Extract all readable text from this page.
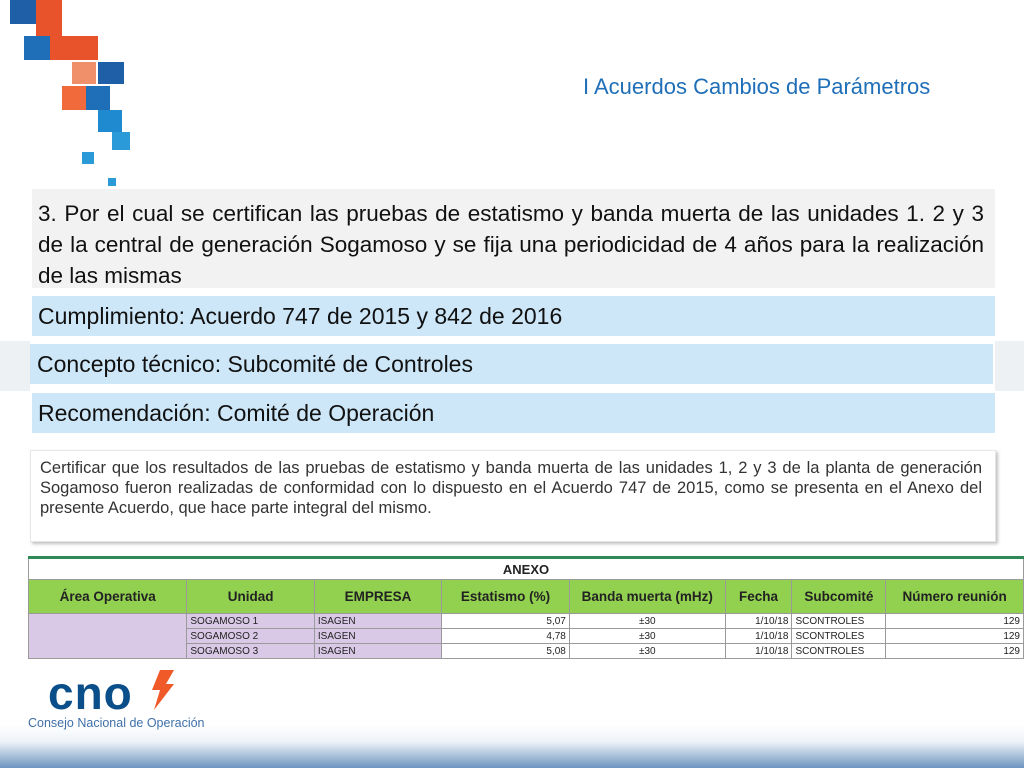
I Acuerdos Cambios de Parámetros
3. Por el cual se certifican las pruebas de estatismo y banda muerta de las unidades 1. 2 y 3 de la central de generación Sogamoso y se fija una periodicidad de 4 años para la realización de las mismas
Cumplimiento: Acuerdo 747 de 2015 y 842 de 2016
Concepto técnico: Subcomité de Controles
Recomendación: Comité de Operación
Certificar que los resultados de las pruebas de estatismo y banda muerta de las unidades 1, 2 y 3 de la planta de generación Sogamoso fueron realizadas de conformidad con lo dispuesto en el Acuerdo 747 de 2015, como se presenta en el Anexo del presente Acuerdo, que hace parte integral del mismo.
ANEXO							
Área Operativa	Unidad	EMPRESA	Estatismo (%)	Banda muerta (mHz)	Fecha	Subcomité	Número reunión
	SOGAMOSO 1	ISAGEN	5,07	±30	1/10/18	SCONTROLES	129
	SOGAMOSO 2	ISAGEN	4,78	±30	1/10/18	SCONTROLES	129
	SOGAMOSO 3	ISAGEN	5,08	±30	1/10/18	SCONTROLES	129
cno
Consejo Nacional de Operación
